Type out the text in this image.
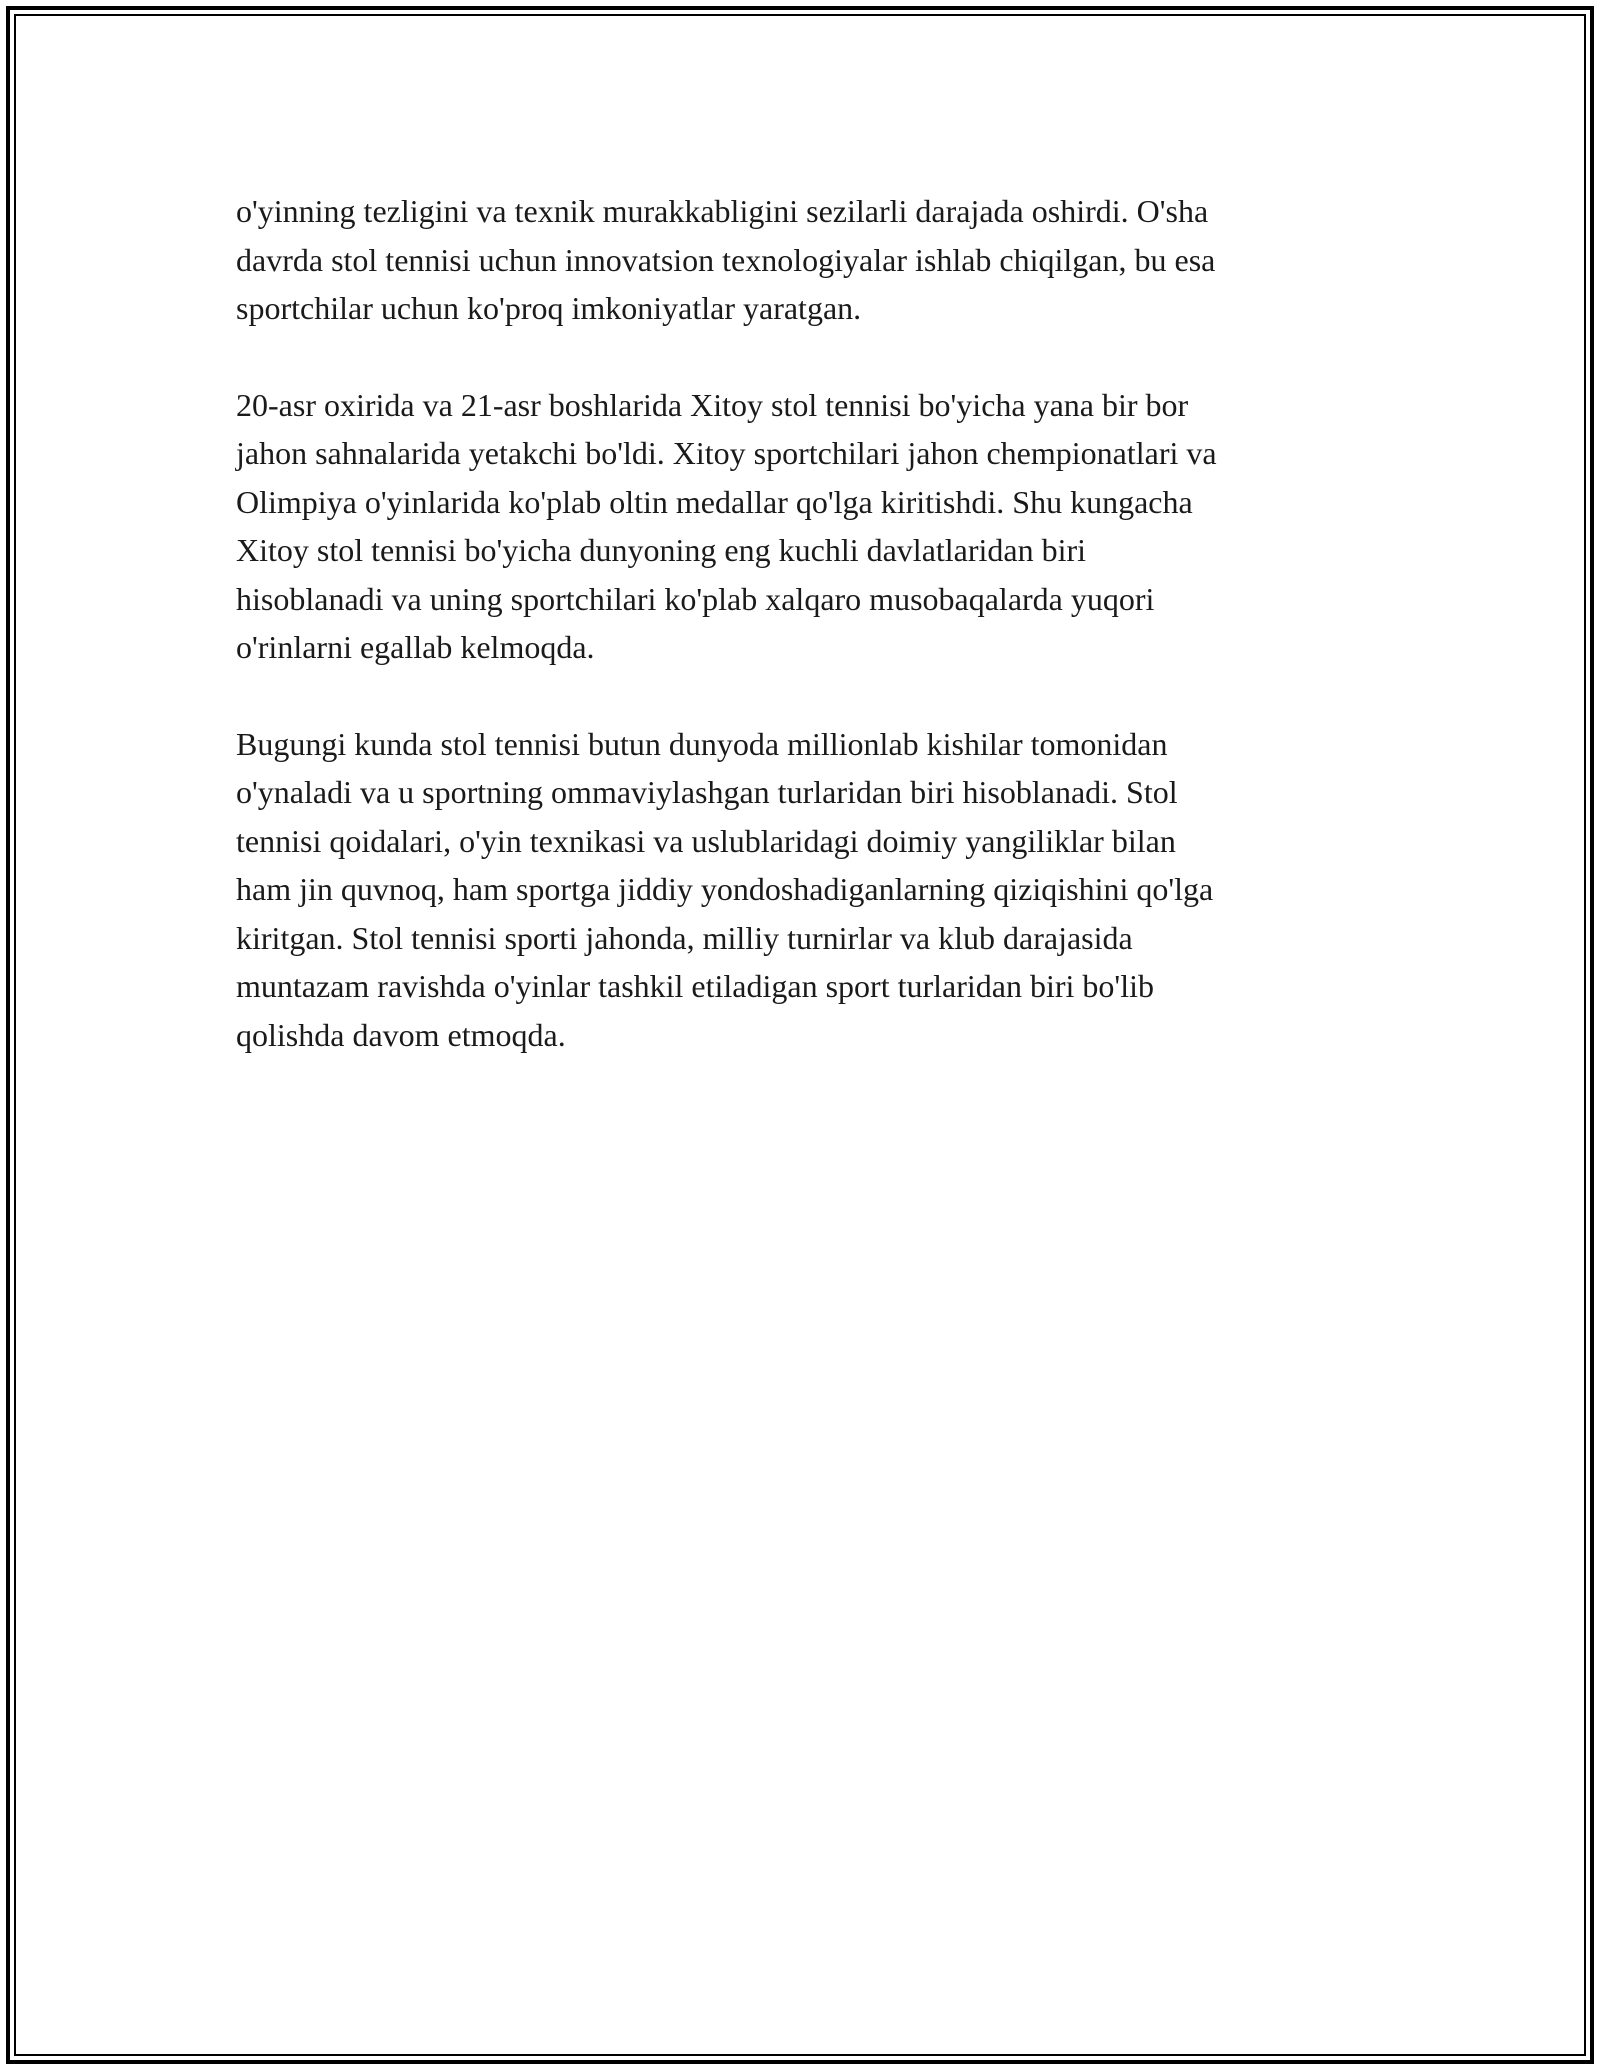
o'yinning tezligini va texnik murakkabligini sezilarli darajada oshirdi. O'sha
davrda stol tennisi uchun innovatsion texnologiyalar ishlab chiqilgan, bu esa
sportchilar uchun ko'proq imkoniyatlar yaratgan.

20-asr oxirida va 21-asr boshlarida Xitoy stol tennisi bo'yicha yana bir bor
jahon sahnalarida yetakchi bo'ldi. Xitoy sportchilari jahon chempionatlari va
Olimpiya o'yinlarida ko'plab oltin medallar qo'lga kiritishdi. Shu kungacha
Xitoy stol tennisi bo'yicha dunyoning eng kuchli davlatlaridan biri
hisoblanadi va uning sportchilari ko'plab xalqaro musobaqalarda yuqori
o'rinlarni egallab kelmoqda.

Bugungi kunda stol tennisi butun dunyoda millionlab kishilar tomonidan
o'ynaladi va u sportning ommaviylashgan turlaridan biri hisoblanadi. Stol
tennisi qoidalari, o'yin texnikasi va uslublaridagi doimiy yangiliklar bilan
ham jin quvnoq, ham sportga jiddiy yondoshadiganlarning qiziqishini qo'lga
kiritgan. Stol tennisi sporti jahonda, milliy turnirlar va klub darajasida
muntazam ravishda o'yinlar tashkil etiladigan sport turlaridan biri bo'lib
qolishda davom etmoqda.
